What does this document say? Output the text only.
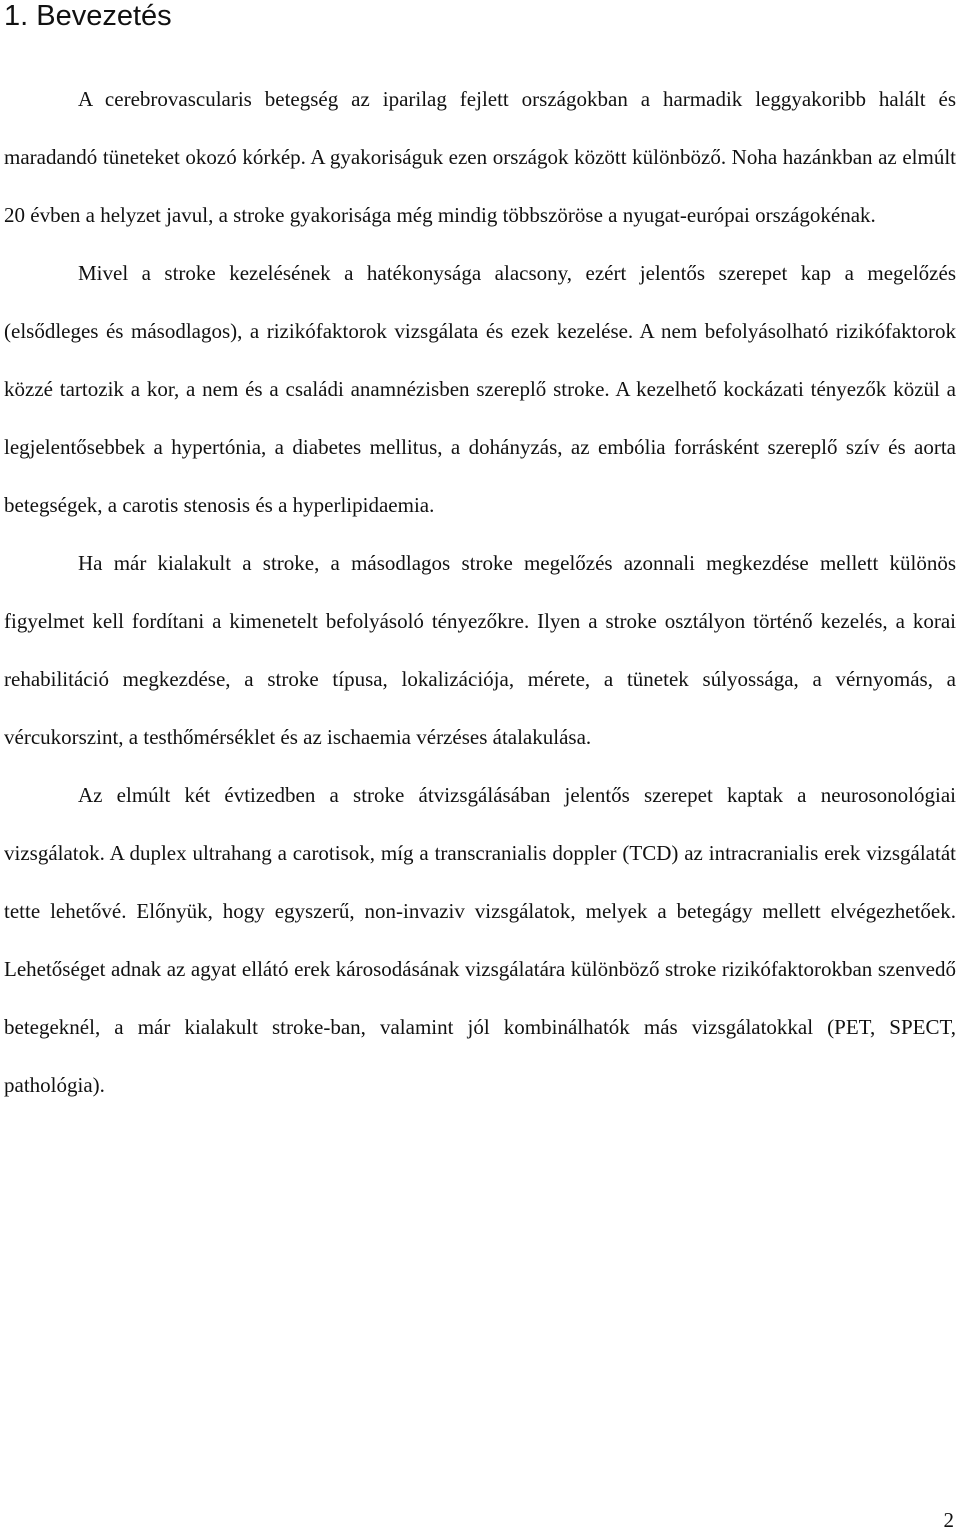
1. Bevezetés

A cerebrovascularis betegség az iparilag fejlett országokban a harmadik leggyakoribb halált és maradandó tüneteket okozó kórkép. A gyakoriságuk ezen országok között különböző. Noha hazánkban az elmúlt 20 évben a helyzet javul, a stroke gyakorisága még mindig többszöröse a nyugat-európai országokénak.

Mivel a stroke kezelésének a hatékonysága alacsony, ezért jelentős szerepet kap a megelőzés (elsődleges és másodlagos), a rizikófaktorok vizsgálata és ezek kezelése. A nem befolyásolható rizikófaktorok közzé tartozik a kor, a nem és a családi anamnézisben szereplő stroke. A kezelhető kockázati tényezők közül a legjelentősebbek a hypertónia, a diabetes mellitus, a dohányzás, az embólia forrásként szereplő szív és aorta betegségek, a carotis stenosis és a hyperlipidaemia.

Ha már kialakult a stroke, a másodlagos stroke megelőzés azonnali megkezdése mellett különös figyelmet kell fordítani a kimenetelt befolyásoló tényezőkre. Ilyen a stroke osztályon történő kezelés, a korai rehabilitáció megkezdése, a stroke típusa, lokalizációja, mérete, a tünetek súlyossága, a vérnyomás, a vércukorszint, a testhőmérséklet és az ischaemia vérzéses átalakulása.

Az elmúlt két évtizedben a stroke átvizsgálásában jelentős szerepet kaptak a neurosonológiai vizsgálatok. A duplex ultrahang a carotisok, míg a transcranialis doppler (TCD) az intracranialis erek vizsgálatát tette lehetővé. Előnyük, hogy egyszerű, non-invaziv vizsgálatok, melyek a betegágy mellett elvégezhetőek. Lehetőséget adnak az agyat ellátó erek károsodásának vizsgálatára különböző stroke rizikófaktorokban szenvedő betegeknél, a már kialakult stroke-ban, valamint jól kombinálhatók más vizsgálatokkal (PET, SPECT, pathológia).

2
